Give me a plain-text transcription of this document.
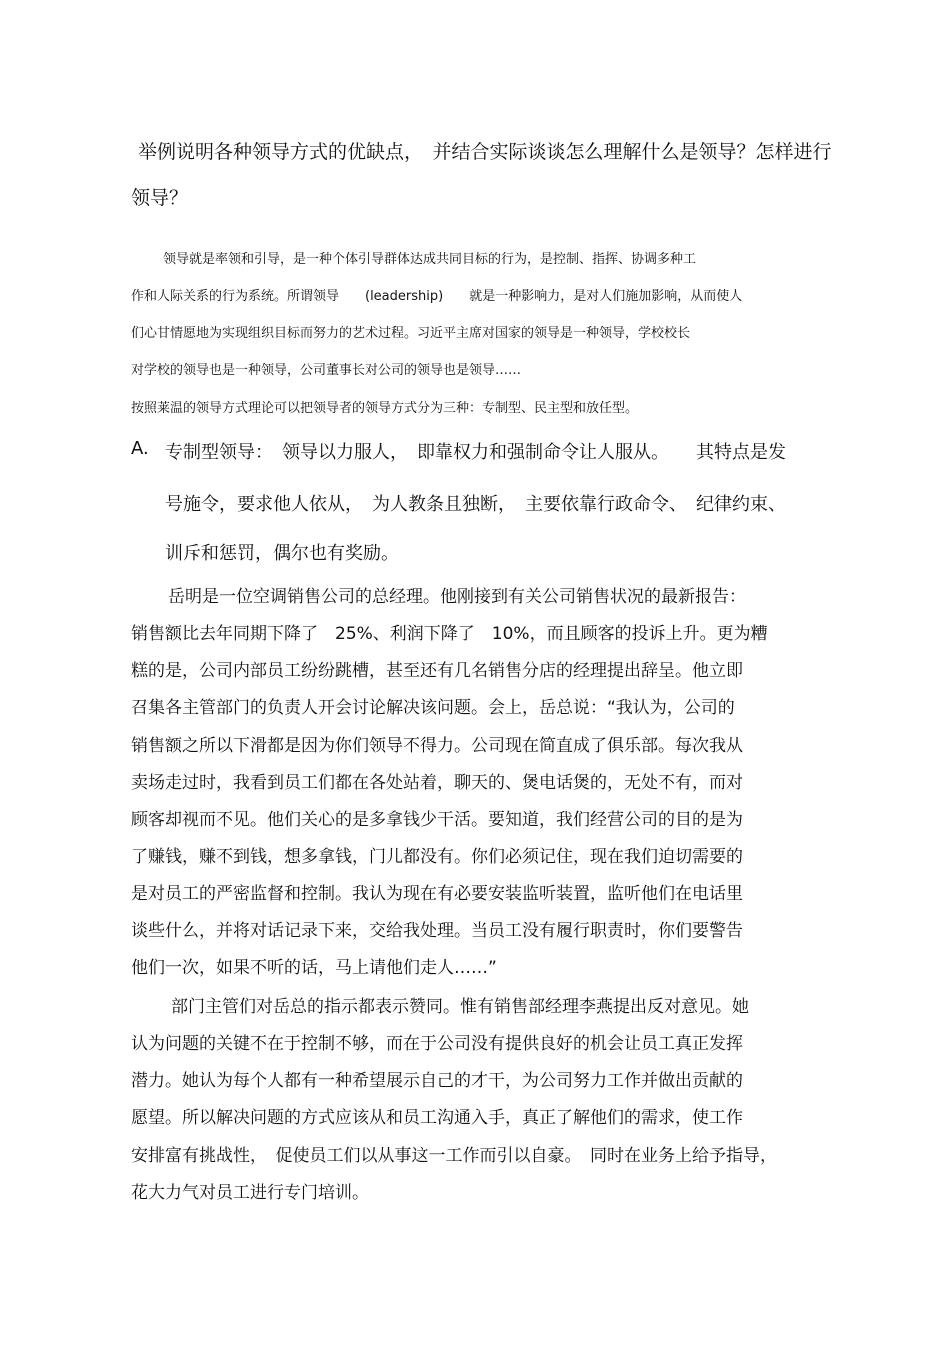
举例说明各种领导方式的优缺点，　并结合实际谈谈怎么理解什么是领导？怎样进行
领导？
领导就是率领和引导，是一种个体引导群体达成共同目标的行为，是控制、指挥、协调多种工
作和人际关系的行为系统。所谓领导　　(leadership)　　就是一种影响力，是对人们施加影响，从而使人
们心甘情愿地为实现组织目标而努力的艺术过程。习近平主席对国家的领导是一种领导，学校校长
对学校的领导也是一种领导，公司董事长对公司的领导也是领导……
按照莱温的领导方式理论可以把领导者的领导方式分为三种：专制型、民主型和放任型。
A. 专制型领导：　领导以力服人，　即靠权力和强制命令让人服从。　　其特点是发
号施令，要求他人依从，　为人教条且独断，　主要依靠行政命令、　纪律约束、
训斥和惩罚，偶尔也有奖励。
岳明是一位空调销售公司的总经理。他刚接到有关公司销售状况的最新报告：
销售额比去年同期下降了　25%、利润下降了　10%，而且顾客的投诉上升。更为糟
糕的是，公司内部员工纷纷跳槽，甚至还有几名销售分店的经理提出辞呈。他立即
召集各主管部门的负责人开会讨论解决该问题。会上，岳总说：“我认为，公司的
销售额之所以下滑都是因为你们领导不得力。公司现在简直成了俱乐部。每次我从
卖场走过时，我看到员工们都在各处站着，聊天的、煲电话煲的，无处不有，而对
顾客却视而不见。他们关心的是多拿钱少干活。要知道，我们经营公司的目的是为
了赚钱，赚不到钱，想多拿钱，门儿都没有。你们必须记住，现在我们迫切需要的
是对员工的严密监督和控制。我认为现在有必要安装监听装置，监听他们在电话里
谈些什么，并将对话记录下来，交给我处理。当员工没有履行职责时，你们要警告
他们一次，如果不听的话，马上请他们走人……”
部门主管们对岳总的指示都表示赞同。惟有销售部经理李燕提出反对意见。她
认为问题的关键不在于控制不够，而在于公司没有提供良好的机会让员工真正发挥
潜力。她认为每个人都有一种希望展示自己的才干，为公司努力工作并做出贡献的
愿望。所以解决问题的方式应该从和员工沟通入手，真正了解他们的需求，使工作
安排富有挑战性，　促使员工们以从事这一工作而引以自豪。　同时在业务上给予指导，
花大力气对员工进行专门培训。
